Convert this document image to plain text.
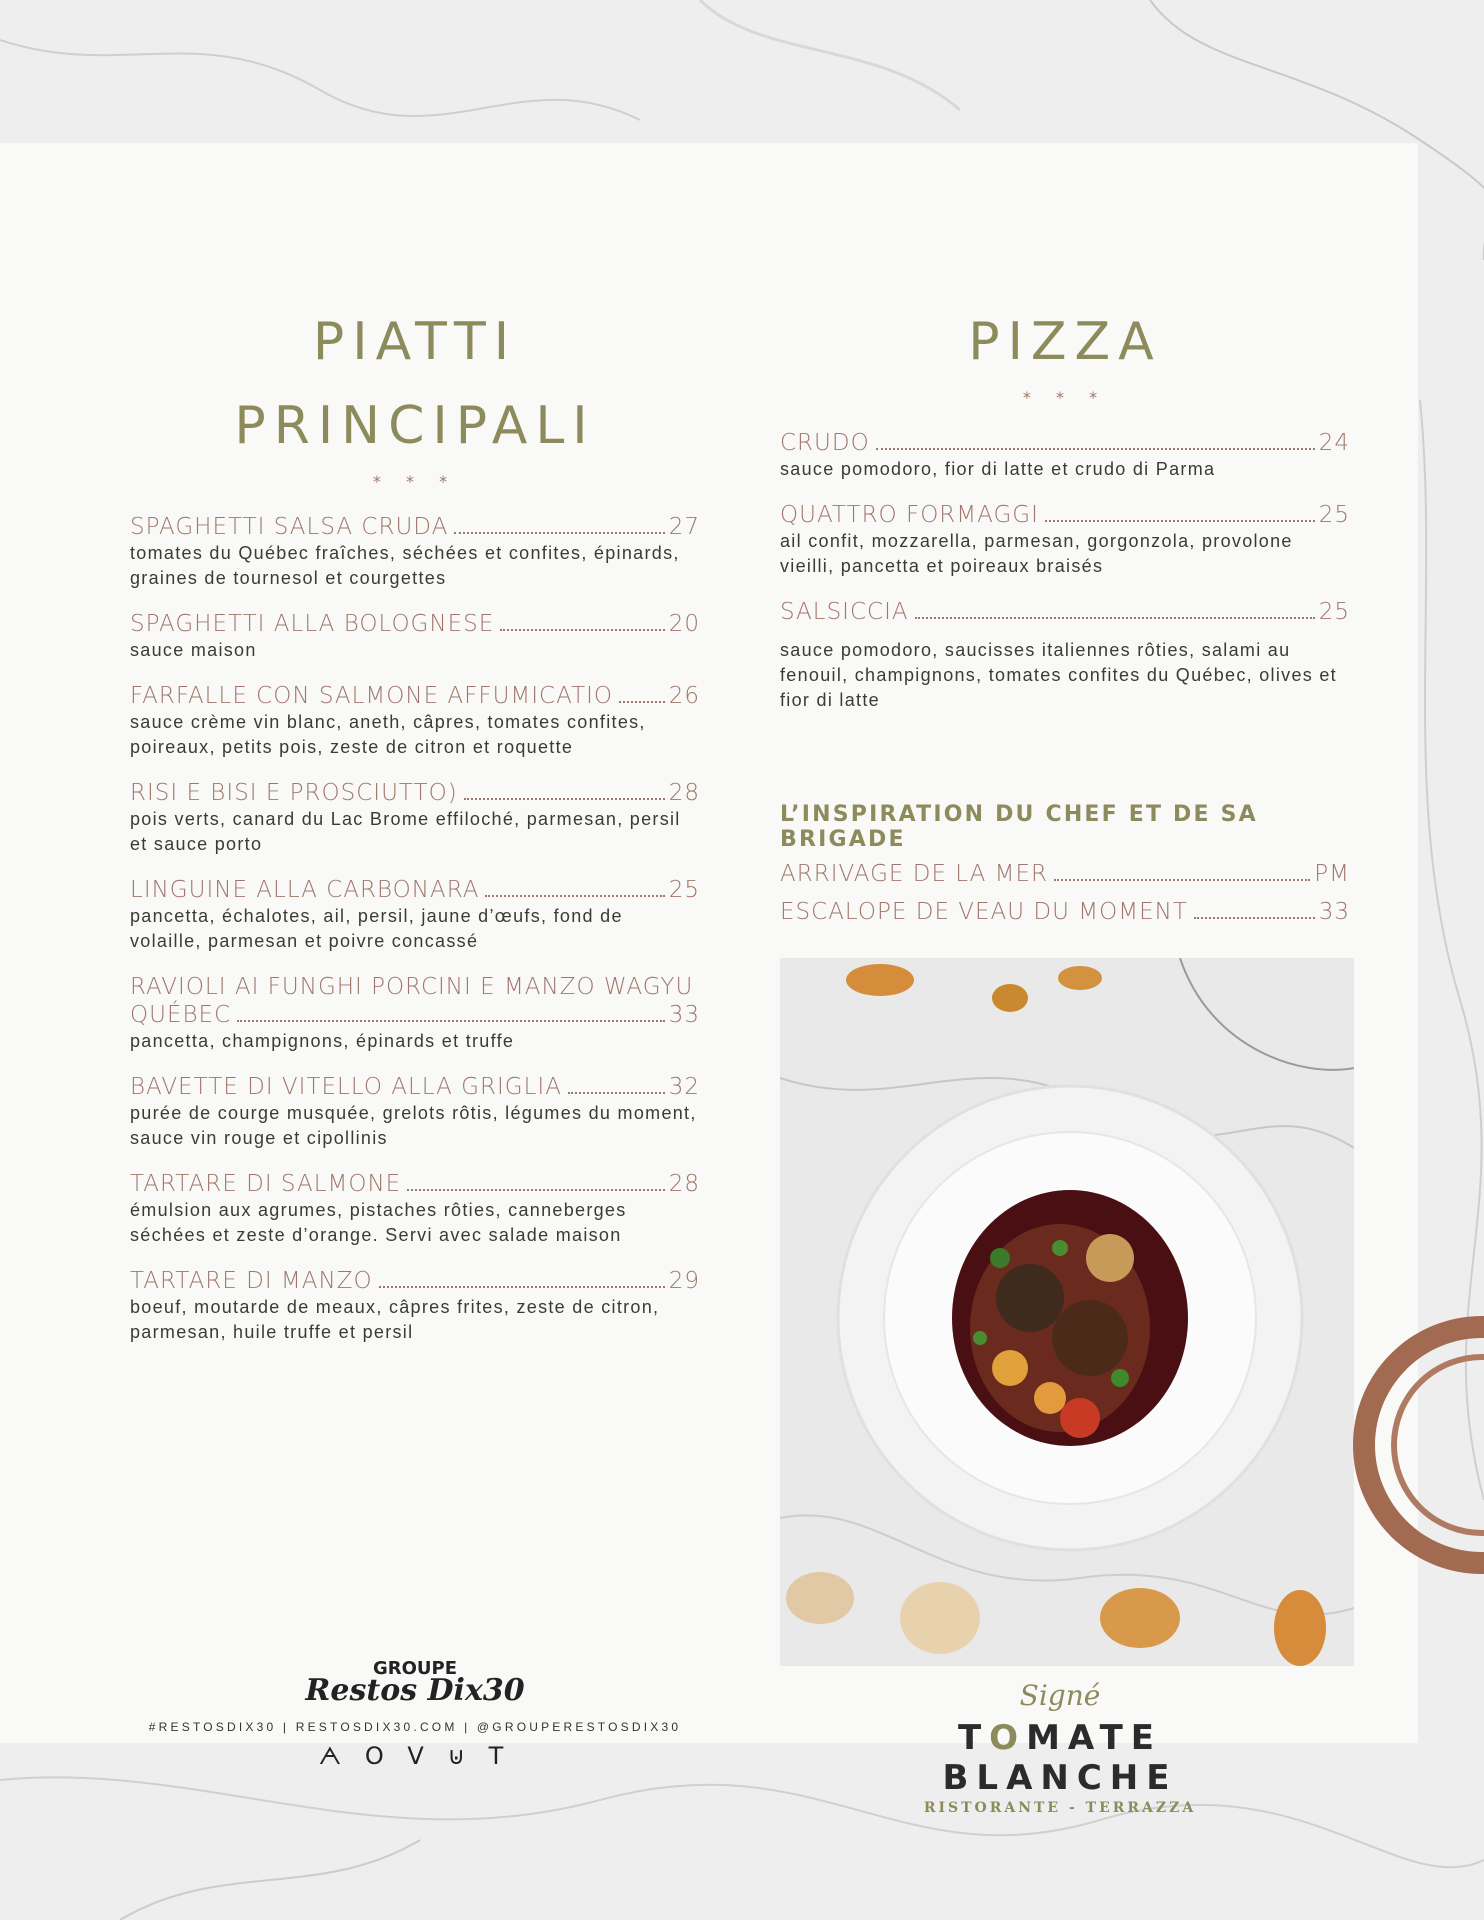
PIATTI PRINCIPALI
* * *
SPAGHETTI SALSA CRUDA	27
tomates du Québec fraîches, séchées et confites, épinards, graines de tournesol et courgettes
SPAGHETTI ALLA BOLOGNESE	20
sauce maison
FARFALLE CON SALMONE AFFUMICATIO 26
sauce crème vin blanc, aneth, câpres, tomates confites, poireaux, petits pois, zeste de citron et roquette
RISI E BISI E PROSCIUTTO)	28
pois verts, canard du Lac Brome effiloché, parmesan, persil et sauce porto
LINGUINE ALLA CARBONARA	25
pancetta, échalotes, ail, persil, jaune d’œufs, fond de volaille, parmesan et poivre concassé
RAVIOLI AI FUNGHI PORCINI E MANZO WAGYU
QUÉBEC	33
pancetta, champignons, épinards et truffe
BAVETTE DI VITELLO ALLA GRIGLIA	32
purée de courge musquée, grelots rôtis, légumes du moment, sauce vin rouge et cipollinis
TARTARE DI SALMONE	28
émulsion aux agrumes, pistaches rôties, canneberges séchées et zeste d’orange. Servi avec salade maison
TARTARE DI MANZO	29
boeuf, moutarde de meaux, câpres frites, zeste de citron, parmesan, huile truffe et persil
PIZZA
* * *
CRUDO	24
sauce pomodoro, fior di latte et crudo di Parma
QUATTRO FORMAGGI	25
ail confit, mozzarella, parmesan, gorgonzola, provolone vieilli, pancetta et poireaux braisés
SALSICCIA	25
sauce pomodoro, saucisses italiennes rôties, salami au fenouil, champignons, tomates confites du Québec, olives et fior di latte
L’INSPIRATION DU CHEF ET DE SA BRIGADE
ARRIVAGE DE LA MER	PM
ESCALOPE DE VEAU DU MOMENT	33
GROUPE
Restos Dix30
#RESTOSDIX30 | RESTOSDIX30.COM | @GROUPERESTOSDIX30
ᗅ O V ⊍ T
Signé
TOMATE BLANCHE
RISTORANTE - TERRAZZA
